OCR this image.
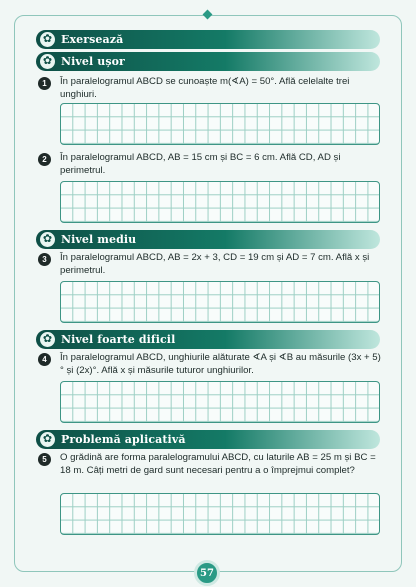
✿ Exersează
✿ Nivel ușor
1	În paralelogramul ABCD se cunoaște m(∢A) = 50°. Află celelalte trei unghiuri.
2	În paralelogramul ABCD, AB = 15 cm și BC = 6 cm. Află CD, AD și perimetrul.
✿ Nivel mediu
3	În paralelogramul ABCD, AB = 2x + 3, CD = 19 cm și AD = 7 cm. Află x și perimetrul.
✿ Nivel foarte dificil
4	În paralelogramul ABCD, unghiurile alăturate ∢A și ∢B au măsurile (3x + 5)° și (2x)°. Află x și măsurile tuturor unghiurilor.
✿ Problemă aplicativă
5	O grădină are forma paralelogramului ABCD, cu laturile AB = 25 m și BC = 18 m. Câți metri de gard sunt necesari pentru a o împrejmui complet?
57
